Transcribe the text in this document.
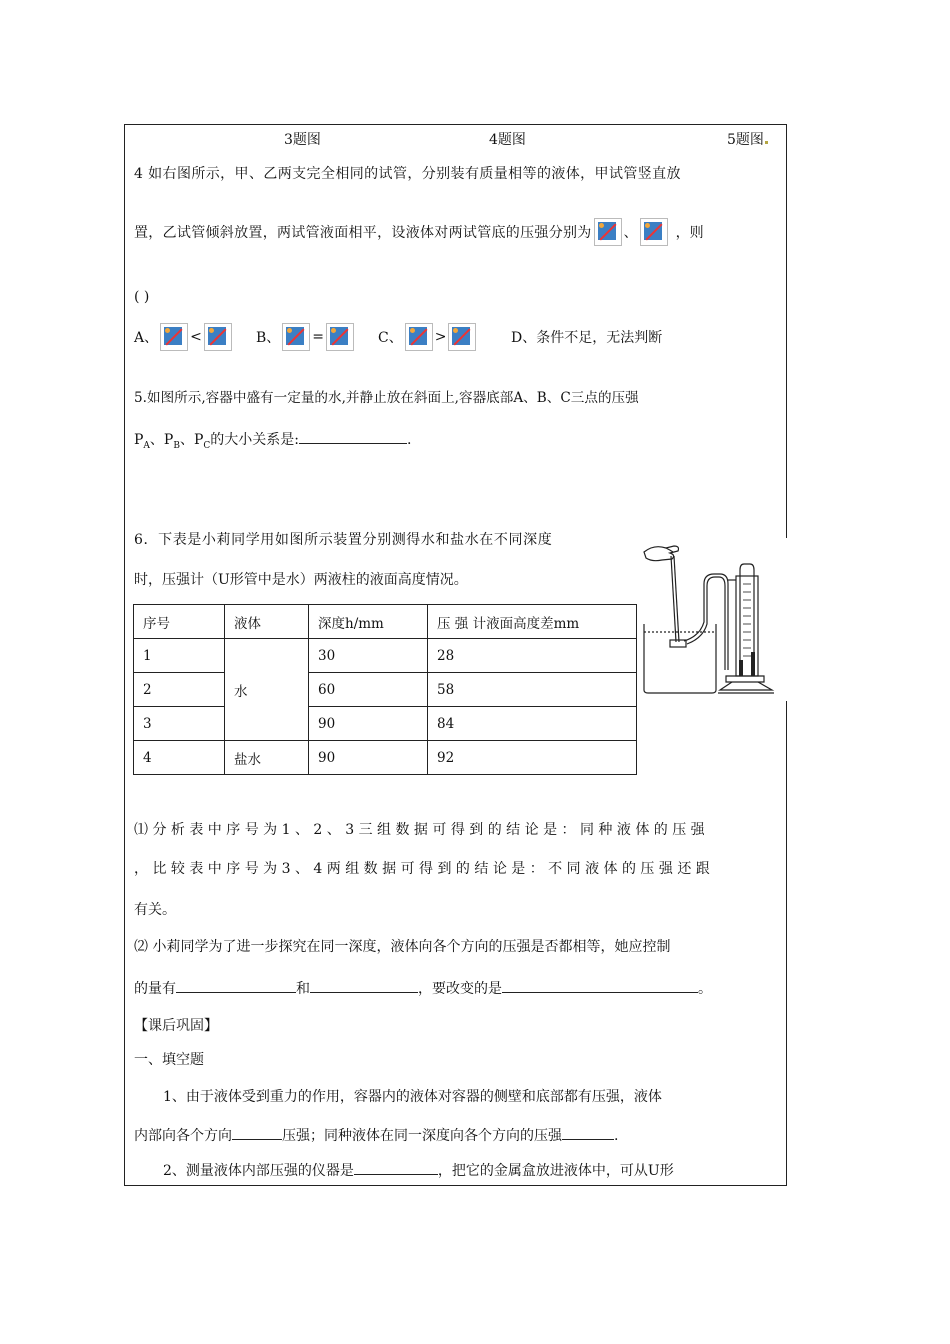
3题图	4题图	5题图
4 如右图所示，甲、乙两支完全相同的试管，分别装有质量相等的液体，甲试管竖直放
置，乙试管倾斜放置，两试管液面相平，设液体对两试管底的压强分别为 、	，则
( )
A、 <	B、 =	C、 >	D、条件不足，无法判断
5.如图所示,容器中盛有一定量的水,并静止放在斜面上,容器底部A、B、C三点的压强
$P_A$、$P_B$、$P_C$的大小关系是:	.
6．下表是小莉同学用如图所示装置分别测得水和盐水在不同深度
时，压强计（U形管中是水）两液柱的液面高度情况。
序号	液体	深度h/mm	压 强 计液面高度差mm
1	水	30	28
2		60	58
3		90	84
4	盐水	90	92
⑴ 分 析 表 中 序 号 为 1 、 2 、 3 三 组 数 据 可 得 到 的 结 论 是 ： 同 种 液 体 的 压 强
， 比 较 表 中 序 号 为 3 、 4 两 组 数 据 可 得 到 的 结 论 是 ： 不 同 液 体 的 压 强 还 跟
有关。
⑵ 小莉同学为了进一步探究在同一深度，液体向各个方向的压强是否都相等，她应控制
的量有	和	，要改变的是	。
【课后巩固】
一、填空题
1、由于液体受到重力的作用，容器内的液体对容器的侧壁和底部都有压强，液体
内部向各个方向	压强；同种液体在同一深度向各个方向的压强	.
2、测量液体内部压强的仪器是	，把它的金属盒放进液体中，可从U形
